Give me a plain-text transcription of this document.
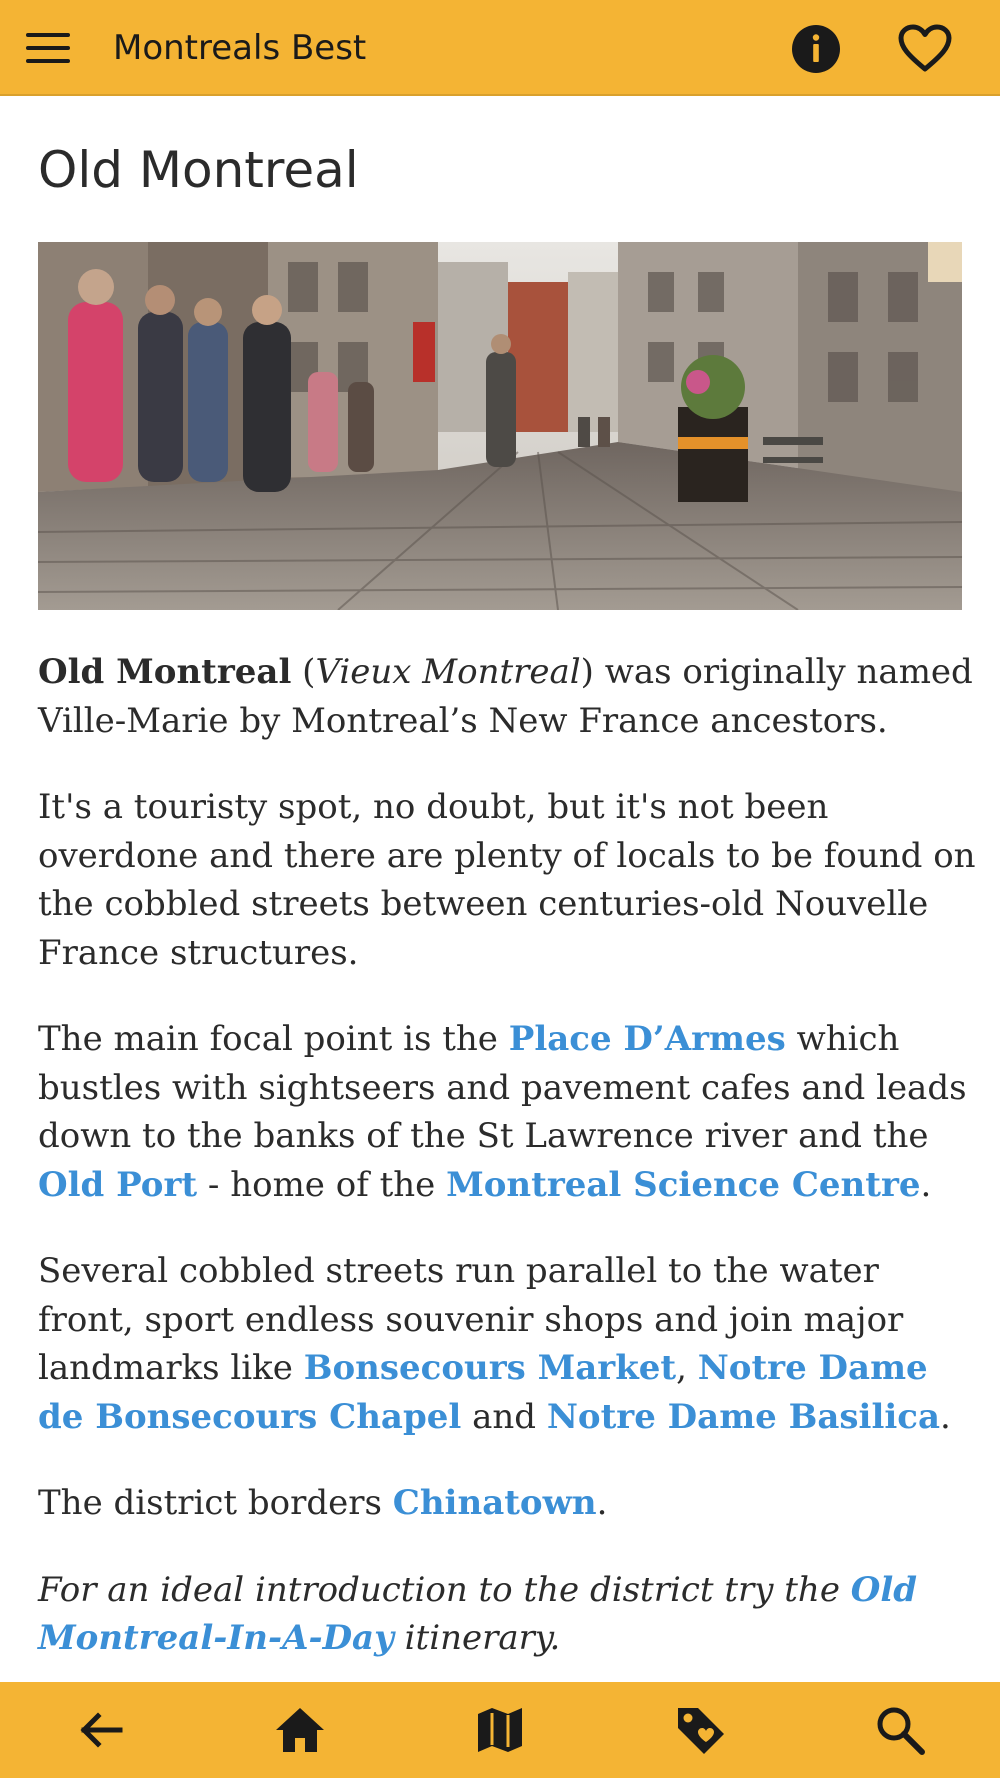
Montreals Best
Old Montreal

Old Montreal (Vieux Montreal) was originally named Ville-Marie by Montreal’s New France ancestors.

It's a touristy spot, no doubt, but it's not been overdone and there are plenty of locals to be found on the cobbled streets between centuries-old Nouvelle France structures.

The main focal point is the Place D’Armes which bustles with sightseers and pavement cafes and leads down to the banks of the St Lawrence river and the Old Port - home of the Montreal Science Centre.

Several cobbled streets run parallel to the water front, sport endless souvenir shops and join major landmarks like Bonsecours Market, Notre Dame de Bonsecours Chapel and Notre Dame Basilica.

The district borders Chinatown.

For an ideal introduction to the district try the Old Montreal-In-A-Day itinerary.
